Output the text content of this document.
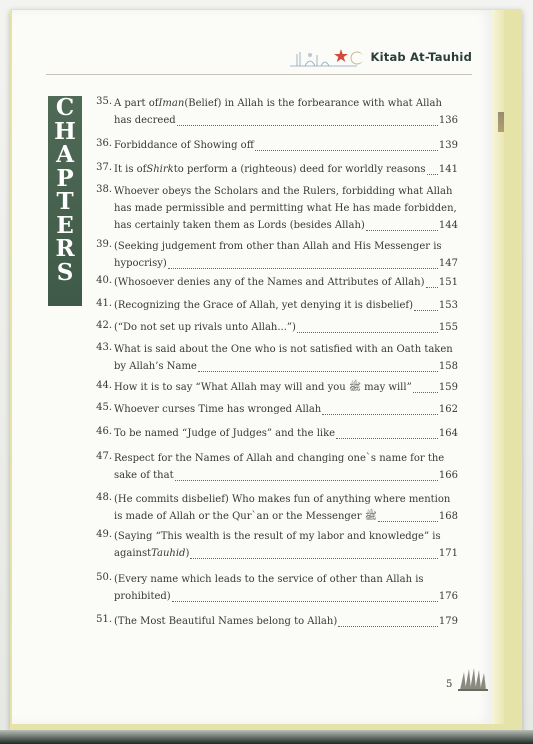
Kitab At-Tauhid
C
H
A
P
T
E
R
S
35. A part of Iman (Belief) in Allah is the forbearance with what Allah
has decreed	136
36. Forbiddance of Showing off	139
37. It is of Shirk to perform a (righteous) deed for worldly reasons 141
38. Whoever obeys the Scholars and the Rulers, forbidding what Allah
has made permissible and permitting what He has made forbidden,
has certainly taken them as Lords (besides Allah)	144
39. (Seeking judgement from other than Allah and His Messenger is
hypocrisy)	147
40. (Whosoever denies any of the Names and Attributes of Allah) 151
41. (Recognizing the Grace of Allah, yet denying it is disbelief)	153
42. (“Do not set up rivals unto Allah...”)	155
43. What is said about the One who is not satisfied with an Oath taken
by Allah’s Name	158
44. How it is to say “What Allah may will and you ﷺ may will”	159
45. Whoever curses Time has wronged Allah	162
46. To be named “Judge of Judges” and the like	164
47. Respect for the Names of Allah and changing one`s name for the
sake of that	166
48. (He commits disbelief) Who makes fun of anything where mention
is made of Allah or the Qur`an or the Messenger ﷺ	168
49. (Saying “This wealth is the result of my labor and knowledge” is
against Tauhid )	171
50. (Every name which leads to the service of other than Allah is
prohibited)	176
51. (The Most Beautiful Names belong to Allah)	179
5
